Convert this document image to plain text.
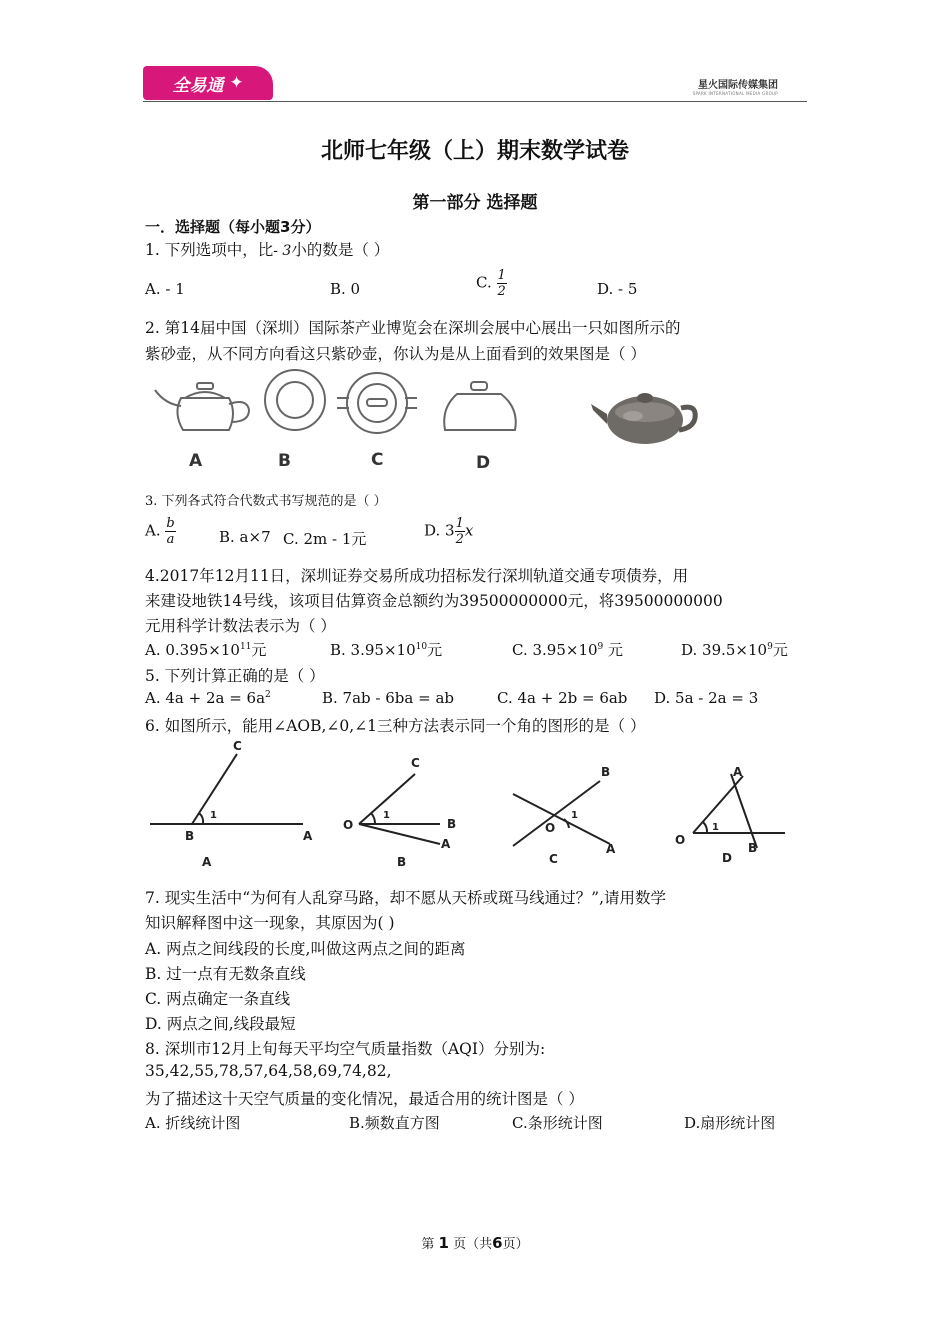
全易通 ✦	星火国际传媒集团
SPARK INTERNATIONAL MEDIA GROUP
北师七年级（上）期末数学试卷
第一部分 选择题
一．选择题（每小题3分）
1. 下列选项中，比- 3小的数是（ ）
A. - 1	B. 0	C. $\frac{1}{2}$	D. - 5
2. 第14届中国（深圳）国际茶产业博览会在深圳会展中心展出一只如图所示的
紫砂壶，从不同方向看这只紫砂壶，你认为是从上面看到的效果图是（ ）
A	B	C	D
3. 下列各式符合代数式书写规范的是（ ）
A. $\frac{b}{a}$	B. a×7 C. 2m - 1元	D. $3 \frac{1}{2}$ x
4.2017年12月11日，深圳证券交易所成功招标发行深圳轨道交通专项债券，用
来建设地铁14号线，该项目估算资金总额约为39500000000元，将39500000000
元用科学计数法表示为（ ）
A. $0.395\times 10^{11}$元	B. $3.95\times 10^{10}$元	C. $3.95\times 10^9$ 元	D. $39.5\times 10^9$元
5. 下列计算正确的是（ ）
A. $4a + 2a = 6a^2$	B. 7ab - 6ba = ab	C. 4a + 2b = 6ab D. 5a - 2a = 3
6. 如图所示，能用∠AOB,∠0,∠1三种方法表示同一个角的图形的是（ ）
C
1
B	A
A
C
1
O	B
A
B
B
1
O
A
C
A
1
O
B
D
7. 现实生活中“为何有人乱穿马路，却不愿从天桥或斑马线通过？”,请用数学
知识解释图中这一现象，其原因为( )
A. 两点之间线段的长度,叫做这两点之间的距离
B. 过一点有无数条直线
C. 两点确定一条直线
D. 两点之间,线段最短
8. 深圳市12月上旬每天平均空气质量指数（AQI）分别为:
35,42,55,78,57,64,58,69,74,82,
为了描述这十天空气质量的变化情况，最适合用的统计图是（ ）
A. 折线统计图	B.频数直方图	C.条形统计图	D.扇形统计图
第 1 页（共6页）
